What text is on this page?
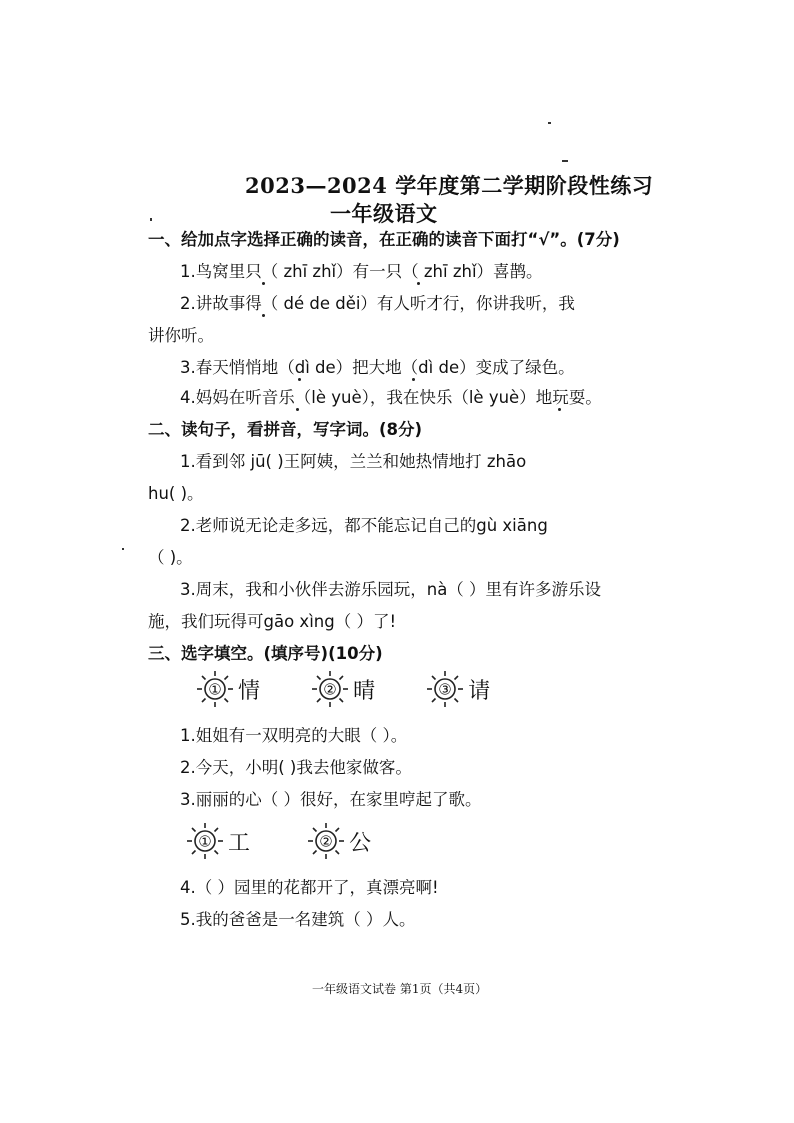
2023—2024 学年度第二学期阶段性练习
一年级语文
一、给加点字选择正确的读音，在正确的读音下面打“√”。(7分)
1.鸟窝里只（ zhī zhǐ）有一只（ zhī zhǐ）喜鹊。
2.讲故事得（ dé de děi）有人听才行，你讲我听，我
讲你听。
3.春天悄悄地（dì de）把大地（dì de）变成了绿色。
4.妈妈在听音乐（lè yuè），我在快乐（lè yuè）地玩耍。
二、读句子，看拼音，写字词。(8分)
1.看到邻 jū( )王阿姨，兰兰和她热情地打 zhāo
hu( )。
2.老师说无论走多远，都不能忘记自己的gù xiāng
（ )。
3.周末，我和小伙伴去游乐园玩，nà（ ）里有许多游乐设
施，我们玩得可gāo xìng（ ）了!
三、选字填空。(填序号)(10分)
① 情	② 晴	③ 请
1.姐姐有一双明亮的大眼（ ）。
2.今天，小明( )我去他家做客。
3.丽丽的心（ ）很好，在家里哼起了歌。
① 工	② 公
4.（ ）园里的花都开了，真漂亮啊!
5.我的爸爸是一名建筑（ ）人。
一年级语文试卷 第1页（共4页）
